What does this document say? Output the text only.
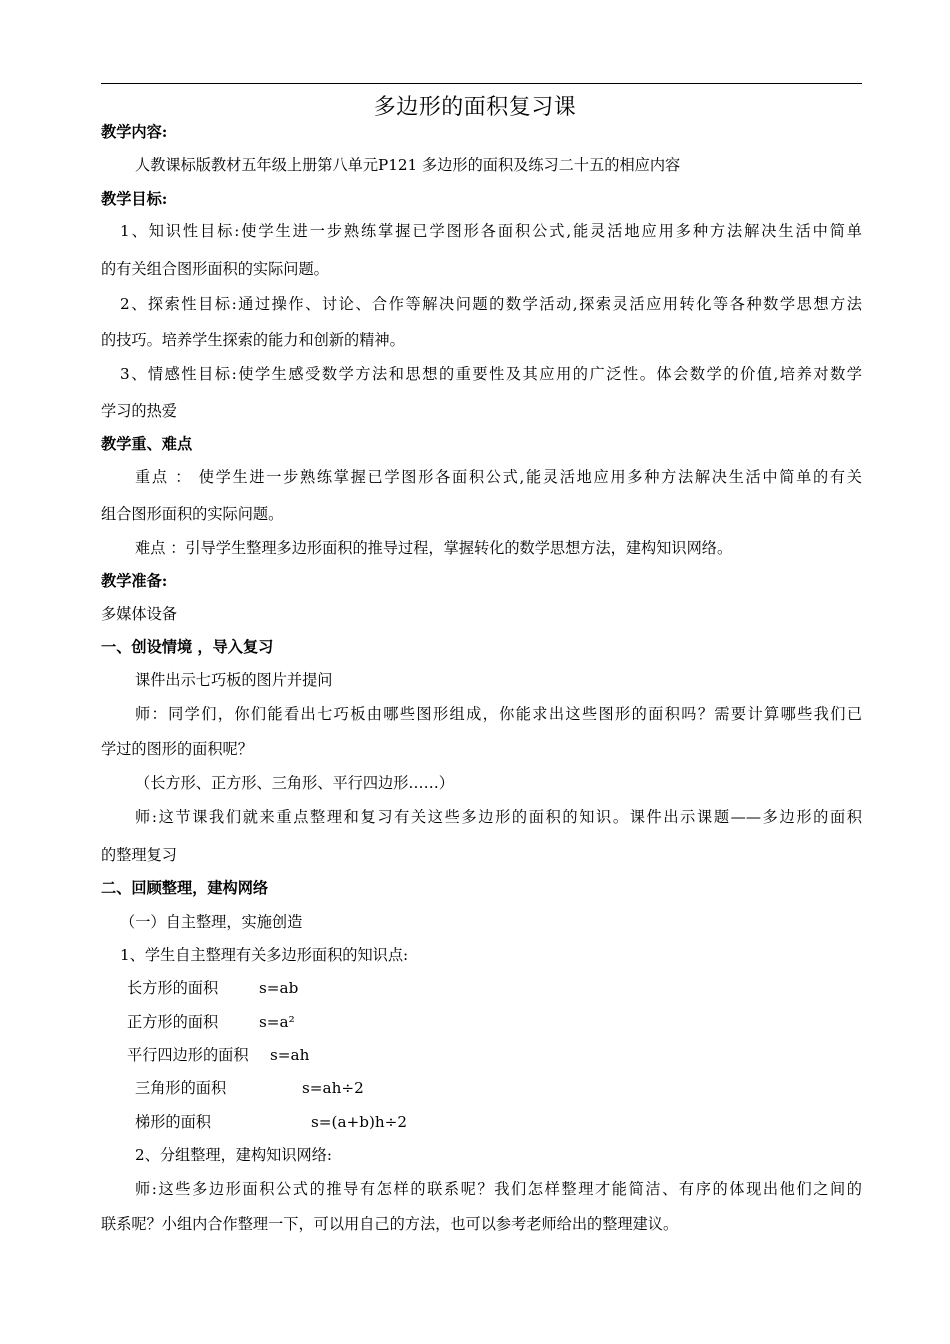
多边形的面积复习课
教学内容:
人教课标版教材五年级上册第八单元P121 多边形的面积及练习二十五的相应内容
教学目标:
1、知识性目标:使学生进一步熟练掌握已学图形各面积公式,能灵活地应用多种方法解决生活中简单
的有关组合图形面积的实际问题。
2、探索性目标:通过操作、讨论、合作等解决问题的数学活动,探索灵活应用转化等各种数学思想方法
的技巧。培养学生探索的能力和创新的精神。
3、情感性目标:使学生感受数学方法和思想的重要性及其应用的广泛性。体会数学的价值,培养对数学
学习的热爱
教学重、难点
重点 ： 使学生进一步熟练掌握已学图形各面积公式,能灵活地应用多种方法解决生活中简单的有关
组合图形面积的实际问题。
难点 ：引导学生整理多边形面积的推导过程，掌握转化的数学思想方法，建构知识网络。
教学准备:
多媒体设备
一、创设情境 ，导入复习
课件出示七巧板的图片并提问
师：同学们，你们能看出七巧板由哪些图形组成，你能求出这些图形的面积吗？需要计算哪些我们已
学过的图形的面积呢？
（长方形、正方形、三角形、平行四边形……）
师:这节课我们就来重点整理和复习有关这些多边形的面积的知识。课件出示课题——多边形的面积
的整理复习
二、回顾整理，建构网络
（一）自主整理，实施创造
1、学生自主整理有关多边形面积的知识点:
长方形的面积	s=ab
正方形的面积	s=a²
平行四边形的面积 s=ah
三角形的面积	s=ah÷2
梯形的面积	s=(a+b)h÷2
2、分组整理，建构知识网络:
师:这些多边形面积公式的推导有怎样的联系呢？我们怎样整理才能简洁、有序的体现出他们之间的
联系呢？小组内合作整理一下，可以用自己的方法，也可以参考老师给出的整理建议。
